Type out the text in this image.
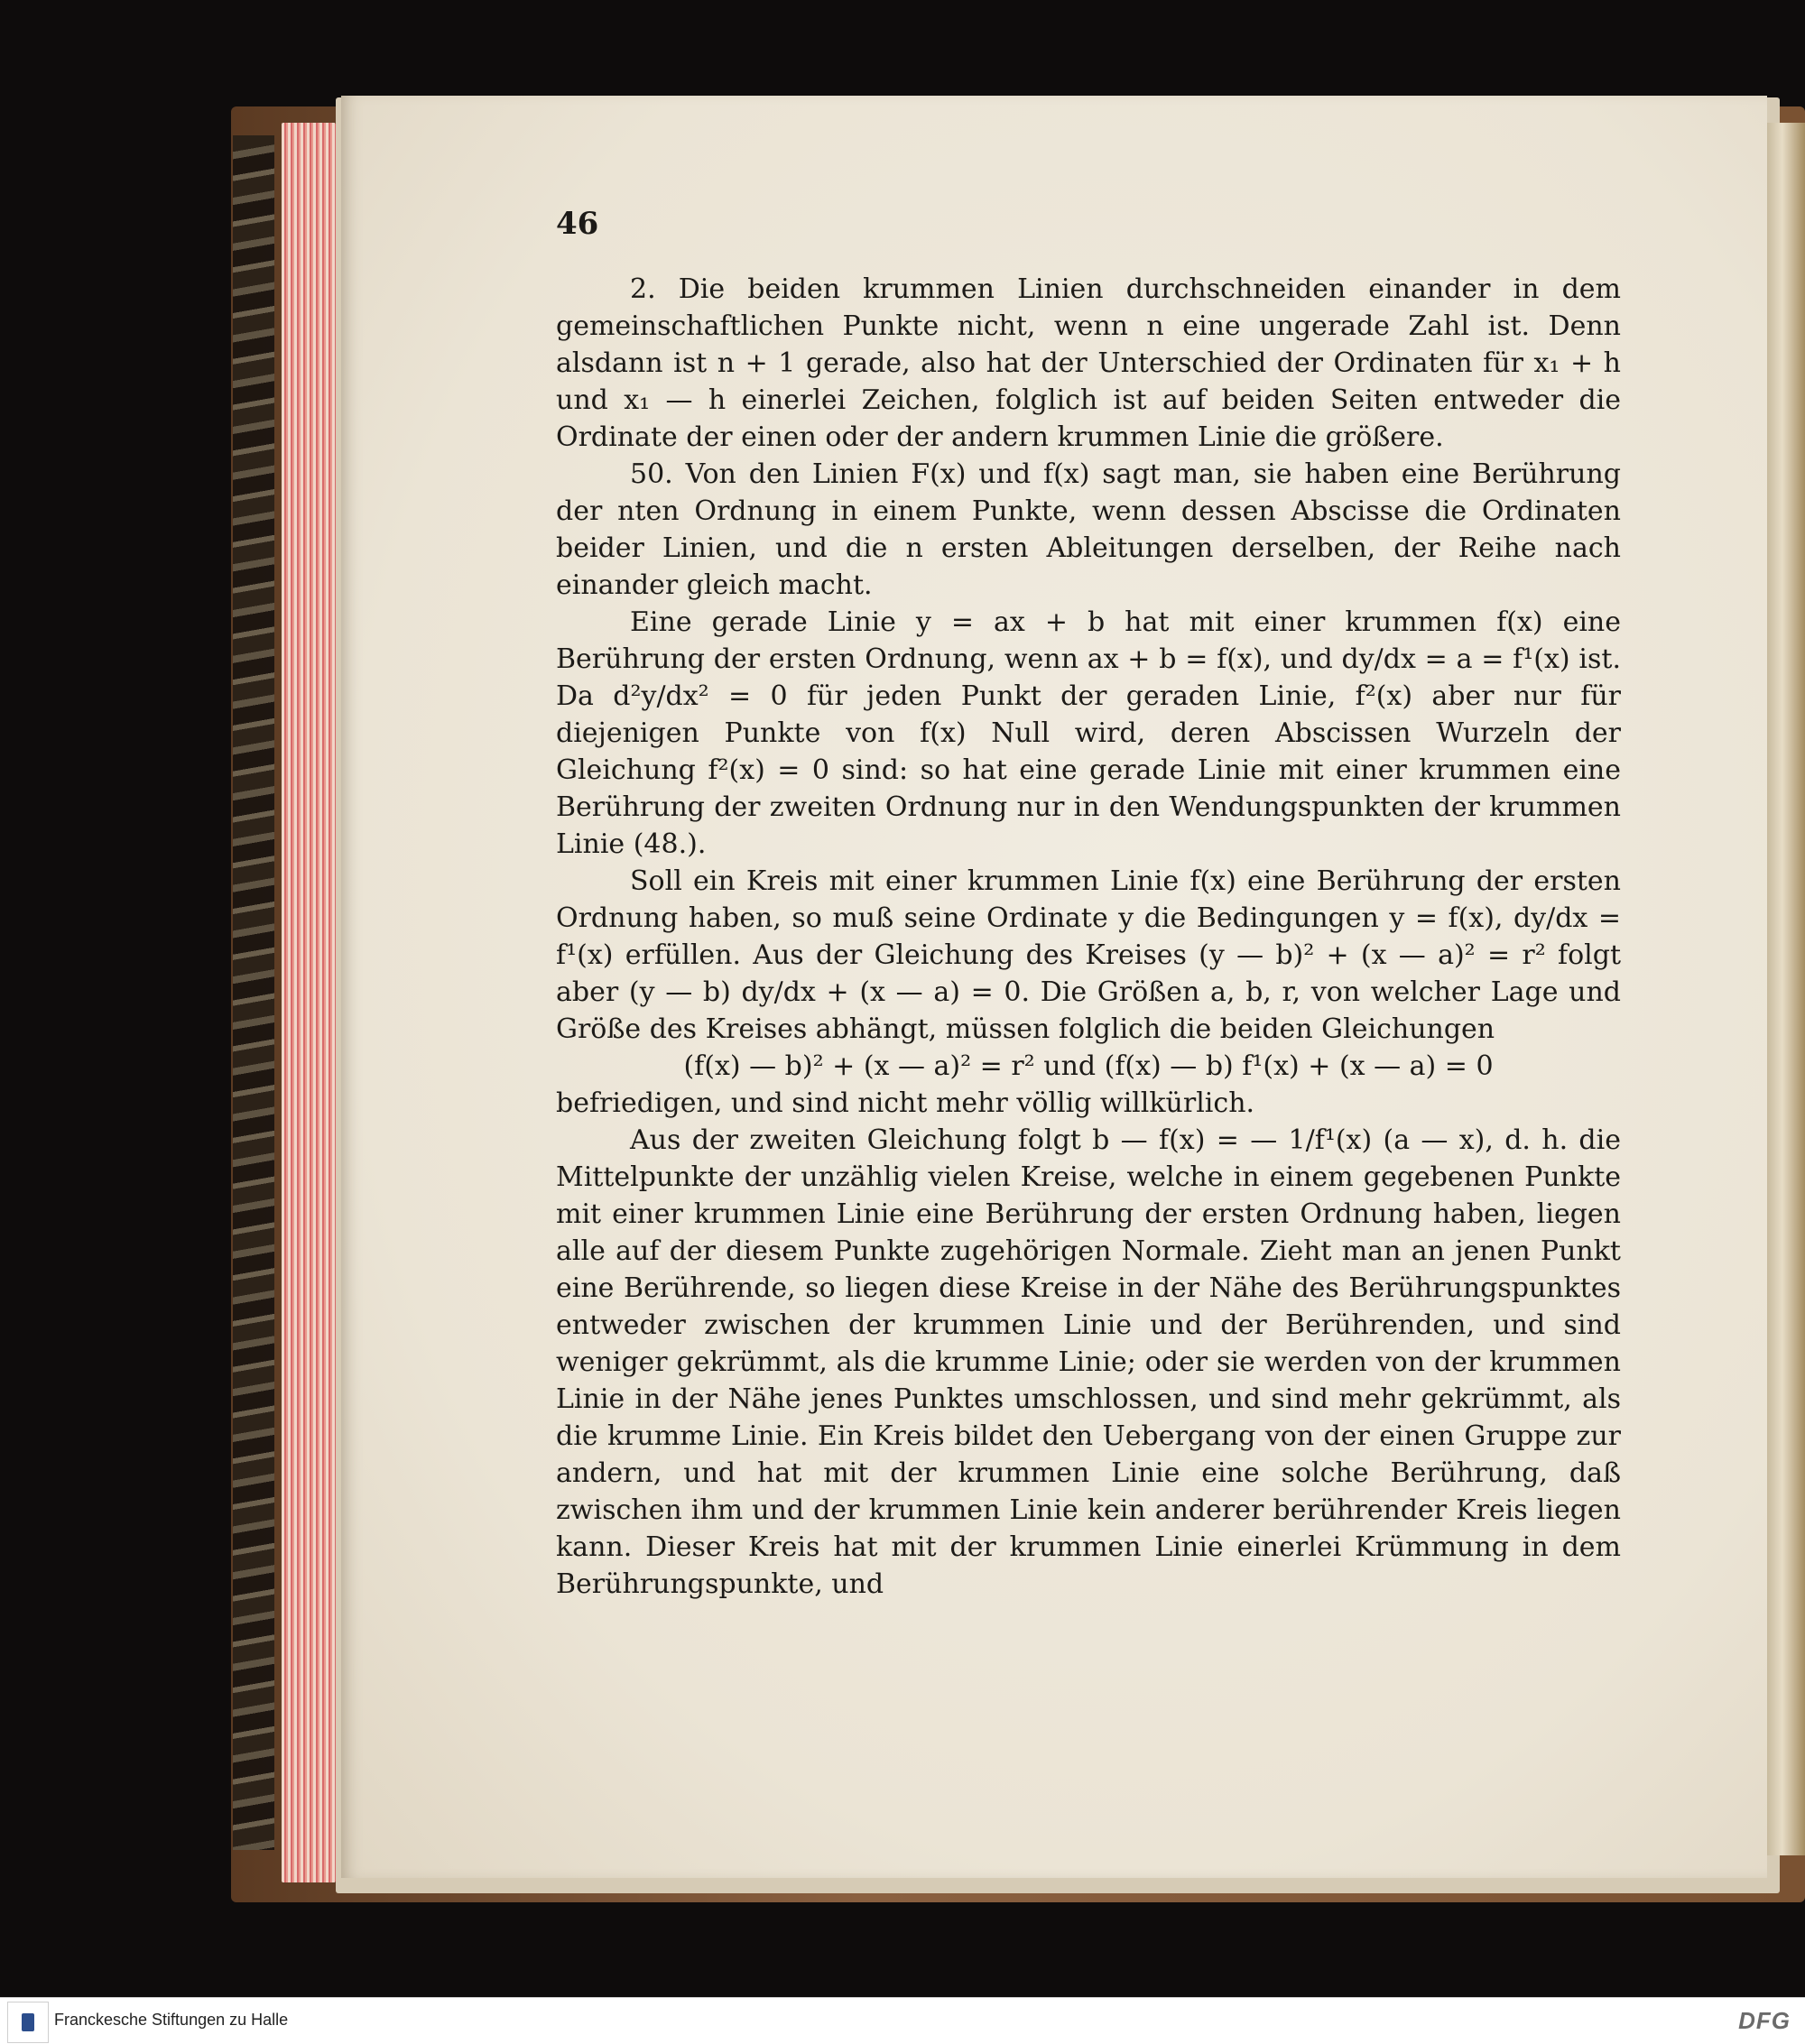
46

2. Die beiden krummen Linien durchschneiden einander in dem gemeinschaftlichen Punkte nicht, wenn n eine ungerade Zahl ist. Denn alsdann ist n + 1 gerade, also hat der Unterschied der Ordinaten für x₁ + h und x₁ — h einerlei Zeichen, folglich ist auf beiden Seiten entweder die Ordinate der einen oder der andern krummen Linie die größere.

50. Von den Linien F(x) und f(x) sagt man, sie haben eine Berührung der nten Ordnung in einem Punkte, wenn dessen Abscisse die Ordinaten beider Linien, und die n ersten Ableitungen derselben, der Reihe nach einander gleich macht.

Eine gerade Linie y = ax + b hat mit einer krummen f(x) eine Berührung der ersten Ordnung, wenn ax + b = f(x), und dy/dx = a = f¹(x) ist. Da d²y/dx² = 0 für jeden Punkt der geraden Linie, f²(x) aber nur für diejenigen Punkte von f(x) Null wird, deren Abscissen Wurzeln der Gleichung f²(x) = 0 sind: so hat eine gerade Linie mit einer krummen eine Berührung der zweiten Ordnung nur in den Wendungspunkten der krummen Linie (48.).

Soll ein Kreis mit einer krummen Linie f(x) eine Berührung der ersten Ordnung haben, so muß seine Ordinate y die Bedingungen y = f(x), dy/dx = f¹(x) erfüllen. Aus der Gleichung des Kreises (y — b)² + (x — a)² = r² folgt aber (y — b) dy/dx + (x — a) = 0. Die Größen a, b, r, von welcher Lage und Größe des Kreises abhängt, müssen folglich die beiden Gleichungen

(f(x) — b)² + (x — a)² = r² und (f(x) — b) f¹(x) + (x — a) = 0

befriedigen, und sind nicht mehr völlig willkürlich.

Aus der zweiten Gleichung folgt b — f(x) = — 1/f¹(x) (a — x), d. h. die Mittelpunkte der unzählig vielen Kreise, welche in einem gegebenen Punkte mit einer krummen Linie eine Berührung der ersten Ordnung haben, liegen alle auf der diesem Punkte zugehörigen Normale. Zieht man an jenen Punkt eine Berührende, so liegen diese Kreise in der Nähe des Berührungspunktes entweder zwischen der krummen Linie und der Berührenden, und sind weniger gekrümmt, als die krumme Linie; oder sie werden von der krummen Linie in der Nähe jenes Punktes umschlossen, und sind mehr gekrümmt, als die krumme Linie. Ein Kreis bildet den Uebergang von der einen Gruppe zur andern, und hat mit der krummen Linie eine solche Berührung, daß zwischen ihm und der krummen Linie kein anderer berührender Kreis liegen kann. Dieser Kreis hat mit der krummen Linie einerlei Krümmung in dem Berührungspunkte, und

Franckesche Stiftungen zu Halle	DFG
